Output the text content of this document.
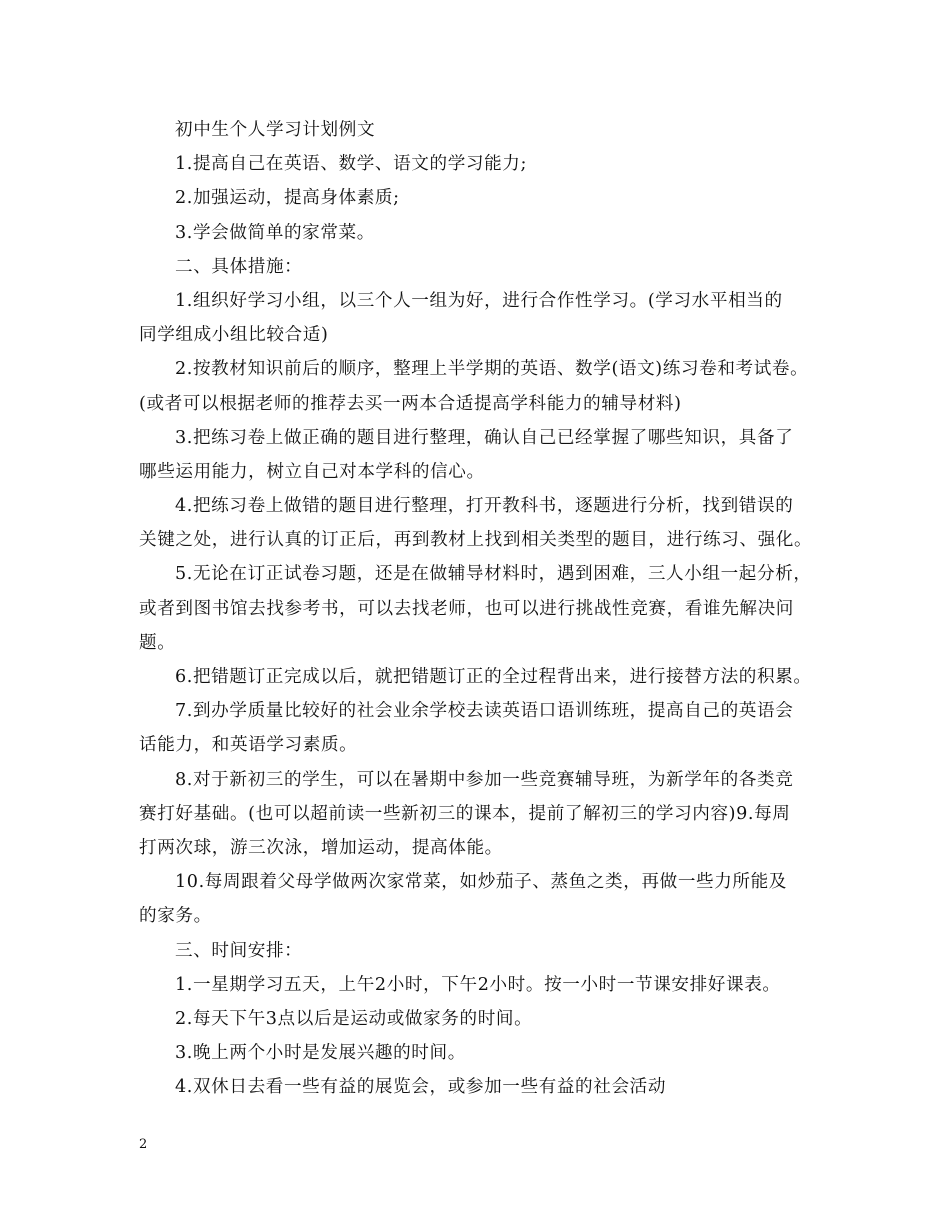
初中生个人学习计划例文

1.提高自己在英语、数学、语文的学习能力;

2.加强运动，提高身体素质;

3.学会做简单的家常菜。

二、具体措施：

1.组织好学习小组，以三个人一组为好，进行合作性学习。(学习水平相当的

同学组成小组比较合适)

2.按教材知识前后的顺序，整理上半学期的英语、数学(语文)练习卷和考试卷。

(或者可以根据老师的推荐去买一两本合适提高学科能力的辅导材料)

3.把练习卷上做正确的题目进行整理，确认自己已经掌握了哪些知识，具备了

哪些运用能力，树立自己对本学科的信心。

4.把练习卷上做错的题目进行整理，打开教科书，逐题进行分析，找到错误的

关键之处，进行认真的订正后，再到教材上找到相关类型的题目，进行练习、强化。

5.无论在订正试卷习题，还是在做辅导材料时，遇到困难，三人小组一起分析，

或者到图书馆去找参考书，可以去找老师，也可以进行挑战性竞赛，看谁先解决问

题。

6.把错题订正完成以后，就把错题订正的全过程背出来，进行接替方法的积累。

7.到办学质量比较好的社会业余学校去读英语口语训练班，提高自己的英语会

话能力，和英语学习素质。

8.对于新初三的学生，可以在暑期中参加一些竞赛辅导班，为新学年的各类竞

赛打好基础。(也可以超前读一些新初三的课本，提前了解初三的学习内容)9.每周

打两次球，游三次泳，增加运动，提高体能。

10.每周跟着父母学做两次家常菜，如炒茄子、蒸鱼之类，再做一些力所能及

的家务。

三、时间安排：

1.一星期学习五天，上午2小时，下午2小时。按一小时一节课安排好课表。

2.每天下午3点以后是运动或做家务的时间。

3.晚上两个小时是发展兴趣的时间。

4.双休日去看一些有益的展览会，或参加一些有益的社会活动

2
